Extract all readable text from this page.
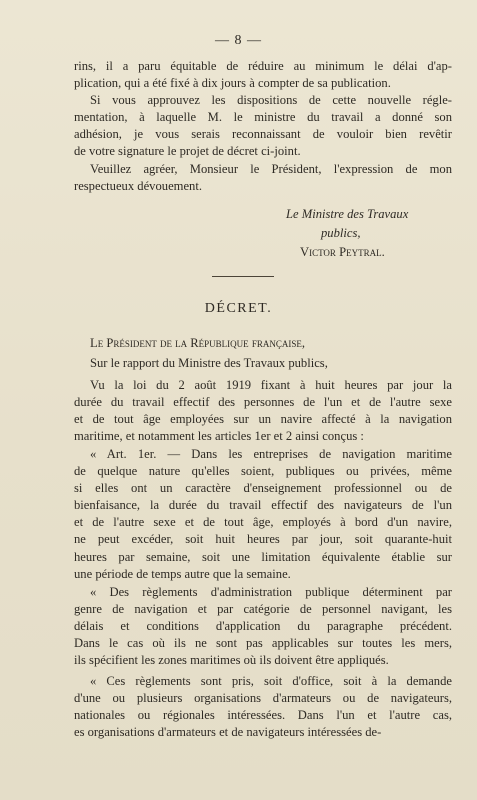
— 8 —
rins, il a paru équitable de réduire au minimum le délai d'ap-
plication, qui a été fixé à dix jours à compter de sa publication.
Si vous approuvez les dispositions de cette nouvelle régle-
mentation, à laquelle M. le ministre du travail a donné son
adhésion, je vous serais reconnaissant de vouloir bien revêtir
de votre signature le projet de décret ci-joint.
Veuillez agréer, Monsieur le Président, l'expression de mon
respectueux dévouement.
Le Ministre des Travaux
publics,
Victor Peytral.
DÉCRET.
Le Président de la République française,
Sur le rapport du Ministre des Travaux publics,
Vu la loi du 2 août 1919 fixant à huit heures par jour la
durée du travail effectif des personnes de l'un et de l'autre sexe
et de tout âge employées sur un navire affecté à la navigation
maritime, et notamment les articles 1er et 2 ainsi conçus :
« Art. 1er. — Dans les entreprises de navigation maritime
de quelque nature qu'elles soient, publiques ou privées, même
si elles ont un caractère d'enseignement professionnel ou de
bienfaisance, la durée du travail effectif des navigateurs de l'un
et de l'autre sexe et de tout âge, employés à bord d'un navire,
ne peut excéder, soit huit heures par jour, soit quarante-huit
heures par semaine, soit une limitation équivalente établie sur
une période de temps autre que la semaine.
« Des règlements d'administration publique déterminent par
genre de navigation et par catégorie de personnel navigant, les
délais et conditions d'application du paragraphe précédent.
Dans le cas où ils ne sont pas applicables sur toutes les mers,
ils spécifient les zones maritimes où ils doivent être appliqués.
« Ces règlements sont pris, soit d'office, soit à la demande
d'une ou plusieurs organisations d'armateurs ou de navigateurs,
nationales ou régionales intéressées. Dans l'un et l'autre cas,
es organisations d'armateurs et de navigateurs intéressées de-
